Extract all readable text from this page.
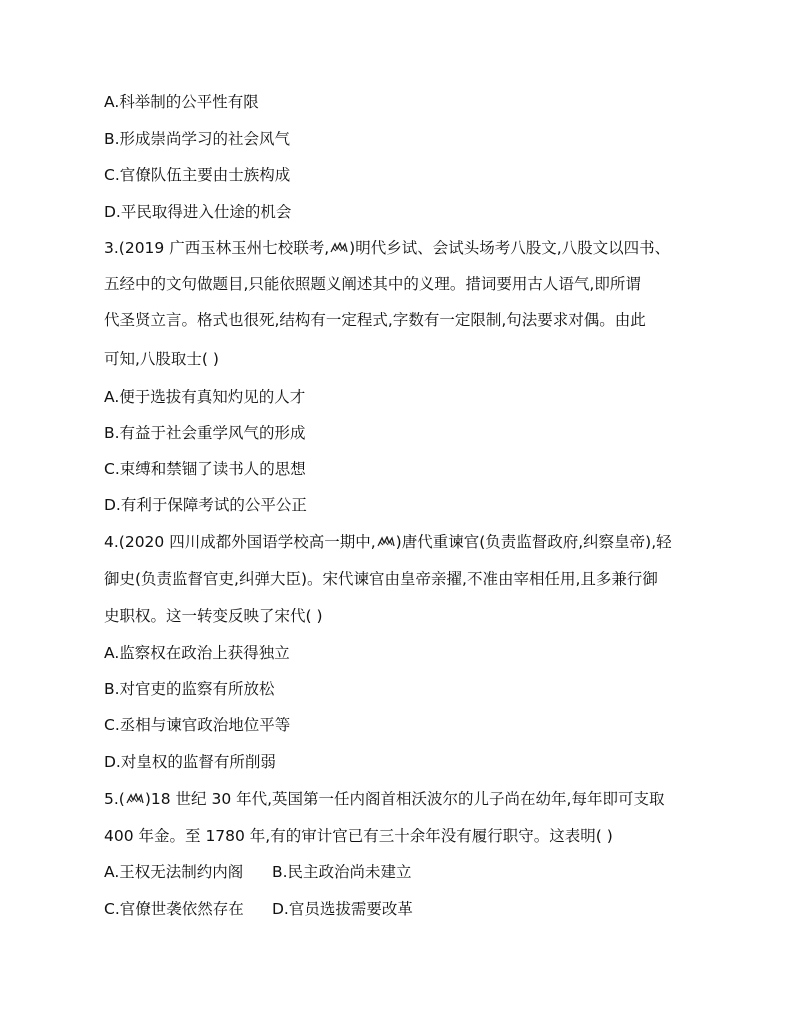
A.科举制的公平性有限
B.形成崇尚学习的社会风气
C.官僚队伍主要由士族构成
D.平民取得进入仕途的机会
3.(2019 广西玉林玉州七校联考, )明代乡试、会试头场考八股文,八股文以四书、
五经中的文句做题目,只能依照题义阐述其中的义理。措词要用古人语气,即所谓
代圣贤立言。格式也很死,结构有一定程式,字数有一定限制,句法要求对偶。由此
可知,八股取士( )
A.便于选拔有真知灼见的人才
B.有益于社会重学风气的形成
C.束缚和禁锢了读书人的思想
D.有利于保障考试的公平公正
4.(2020 四川成都外国语学校高一期中, )唐代重谏官(负责监督政府,纠察皇帝),轻
御史(负责监督官吏,纠弹大臣)。宋代谏官由皇帝亲擢,不准由宰相任用,且多兼行御
史职权。这一转变反映了宋代( )
A.监察权在政治上获得独立
B.对官吏的监察有所放松
C.丞相与谏官政治地位平等
D.对皇权的监督有所削弱
5.( )18 世纪 30 年代,英国第一任内阁首相沃波尔的儿子尚在幼年,每年即可支取
400 年金。至 1780 年,有的审计官已有三十余年没有履行职守。这表明( )
A.王权无法制约内阁 B.民主政治尚未建立
C.官僚世袭依然存在 D.官员选拔需要改革
